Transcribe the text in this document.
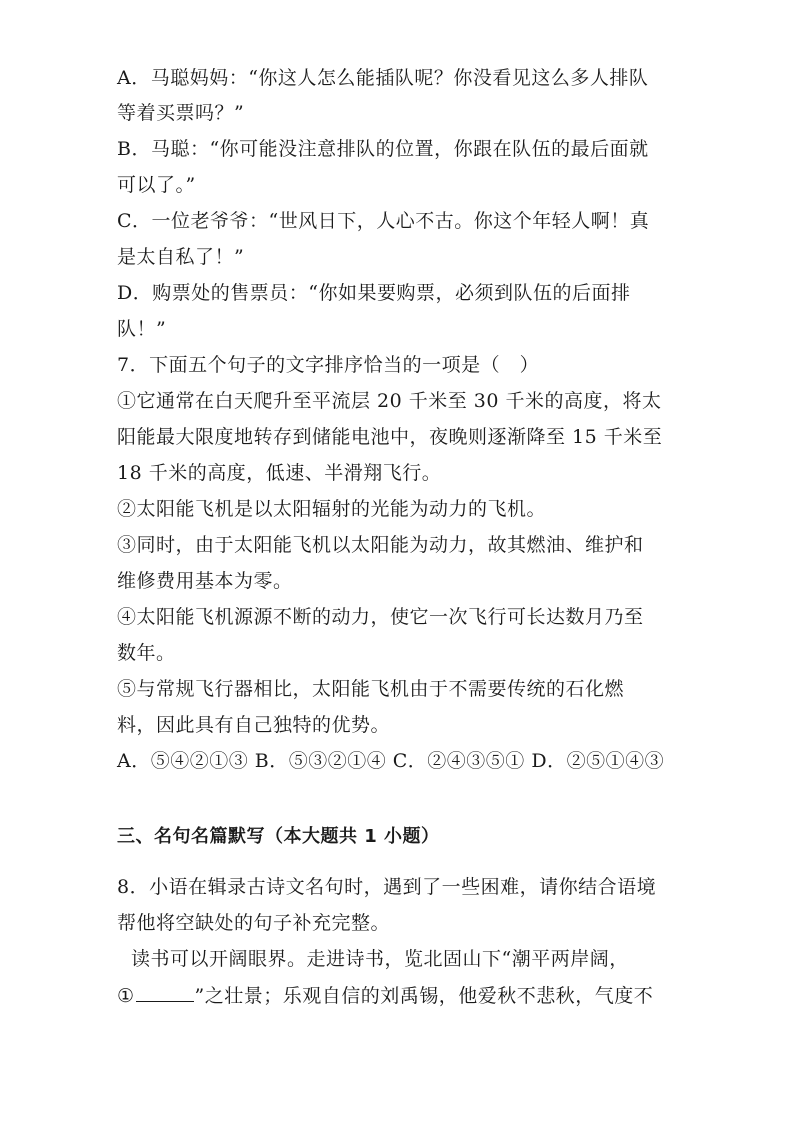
A．马聪妈妈：“你这人怎么能插队呢？你没看见这么多人排队
等着买票吗？”
B．马聪：“你可能没注意排队的位置，你跟在队伍的最后面就
可以了。”
C．一位老爷爷：“世风日下，人心不古。你这个年轻人啊！真
是太自私了！”
D．购票处的售票员：“你如果要购票，必须到队伍的后面排
队！”
7．下面五个句子的文字排序恰当的一项是（　）
①它通常在白天爬升至平流层 20 千米至 30 千米的高度，将太
阳能最大限度地转存到储能电池中，夜晚则逐渐降至 15 千米至
18 千米的高度，低速、半滑翔飞行。
②太阳能飞机是以太阳辐射的光能为动力的飞机。
③同时，由于太阳能飞机以太阳能为动力，故其燃油、维护和
维修费用基本为零。
④太阳能飞机源源不断的动力，使它一次飞行可长达数月乃至
数年。
⑤与常规飞行器相比，太阳能飞机由于不需要传统的石化燃
料，因此具有自己独特的优势。
A．⑤④②①③ B．⑤③②①④ C．②④③⑤① D．②⑤①④③
三、名句名篇默写（本大题共 1 小题）
8．小语在辑录古诗文名句时，遇到了一些困难，请你结合语境
帮他将空缺处的句子补充完整。
读书可以开阔眼界。走进诗书，览北固山下“潮平两岸阔，
①	”之壮景；乐观自信的刘禹锡，他爱秋不悲秋，气度不
